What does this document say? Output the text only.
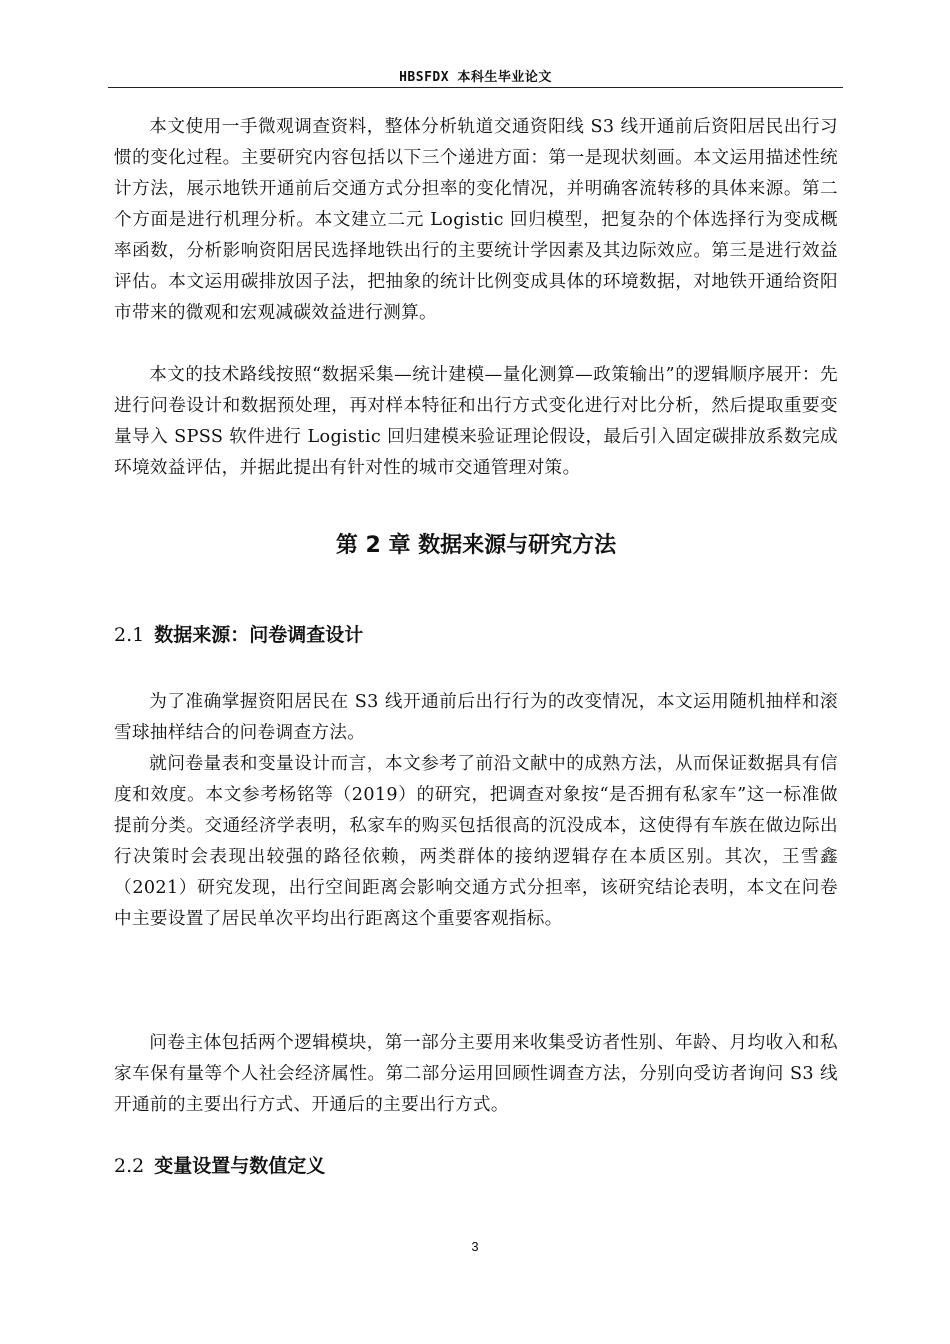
HBSFDX 本科生毕业论文

本文使用一手微观调查资料，整体分析轨道交通资阳线 S3 线开通前后资阳居民出行习惯的变化过程。主要研究内容包括以下三个递进方面：第一是现状刻画。本文运用描述性统计方法，展示地铁开通前后交通方式分担率的变化情况，并明确客流转移的具体来源。第二个方面是进行机理分析。本文建立二元 Logistic 回归模型，把复杂的个体选择行为变成概率函数，分析影响资阳居民选择地铁出行的主要统计学因素及其边际效应。第三是进行效益评估。本文运用碳排放因子法，把抽象的统计比例变成具体的环境数据，对地铁开通给资阳市带来的微观和宏观减碳效益进行测算。

本文的技术路线按照“数据采集—统计建模—量化测算—政策输出”的逻辑顺序展开：先进行问卷设计和数据预处理，再对样本特征和出行方式变化进行对比分析，然后提取重要变量导入 SPSS 软件进行 Logistic 回归建模来验证理论假设，最后引入固定碳排放系数完成环境效益评估，并据此提出有针对性的城市交通管理对策。

第 2 章 数据来源与研究方法
2.1 数据来源：问卷调查设计

为了准确掌握资阳居民在 S3 线开通前后出行行为的改变情况，本文运用随机抽样和滚雪球抽样结合的问卷调查方法。

就问卷量表和变量设计而言，本文参考了前沿文献中的成熟方法，从而保证数据具有信度和效度。本文参考杨铭等（2019）的研究，把调查对象按“是否拥有私家车”这一标准做提前分类。交通经济学表明，私家车的购买包括很高的沉没成本，这使得有车族在做边际出行决策时会表现出较强的路径依赖，两类群体的接纳逻辑存在本质区别。其次，王雪鑫（2021）研究发现，出行空间距离会影响交通方式分担率，该研究结论表明，本文在问卷中主要设置了居民单次平均出行距离这个重要客观指标。

问卷主体包括两个逻辑模块，第一部分主要用来收集受访者性别、年龄、月均收入和私家车保有量等个人社会经济属性。第二部分运用回顾性调查方法，分别向受访者询问 S3 线开通前的主要出行方式、开通后的主要出行方式。

2.2 变量设置与数值定义
3
